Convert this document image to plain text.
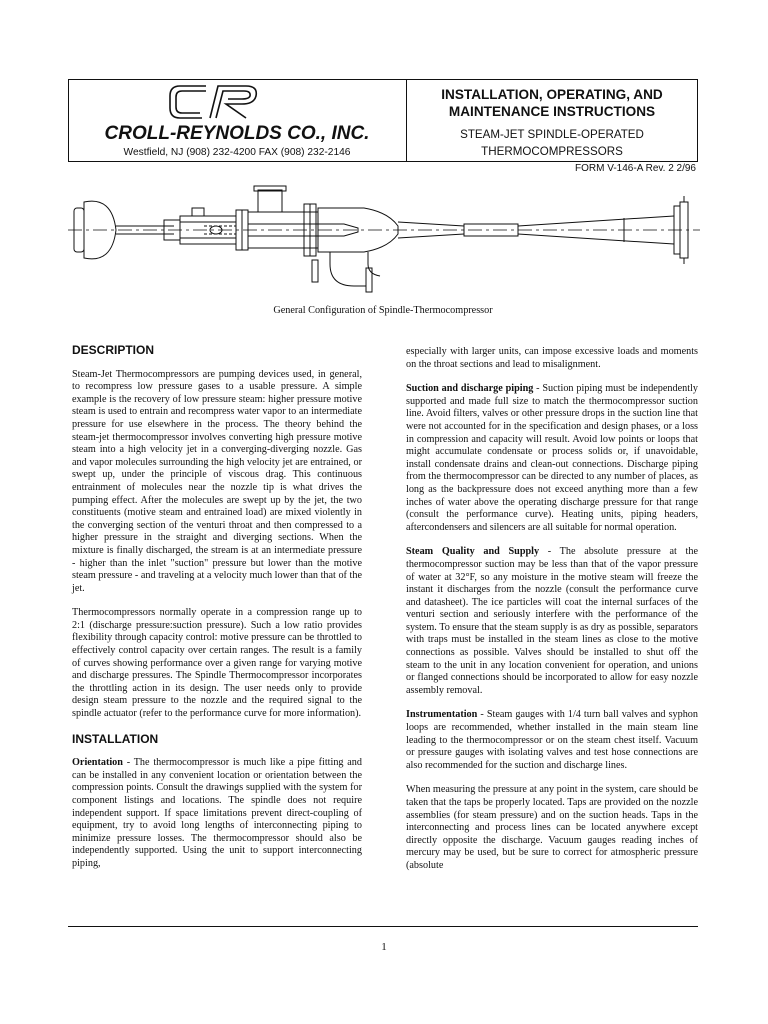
CROLL-REYNOLDS CO., INC.
Westfield, NJ (908) 232-4200 FAX (908) 232-2146
INSTALLATION, OPERATING, AND
MAINTENANCE INSTRUCTIONS
STEAM-JET SPINDLE-OPERATED
THERMOCOMPRESSORS
FORM V-146-A Rev. 2 2/96
General Configuration of Spindle-Thermocompressor
DESCRIPTION

Steam-Jet Thermocompressors are pumping devices used, in general, to recompress low pressure gases to a usable pressure. A simple example is the recovery of low pressure steam: higher pressure motive steam is used to entrain and recompress water vapor to an intermediate pressure for use elsewhere in the process. The theory behind the steam-jet thermocompressor involves converting high pressure motive steam into a high velocity jet in a converging-diverging nozzle. Gas and vapor molecules surrounding the high velocity jet are entrained, or swept up, under the principle of viscous drag. This continuous entrainment of molecules near the nozzle tip is what drives the pumping effect. After the molecules are swept up by the jet, the two constituents (motive steam and entrained load) are mixed violently in the converging section of the venturi throat and then compressed to a higher pressure in the straight and diverging sections. When the mixture is finally discharged, the stream is at an intermediate pressure - higher than the inlet "suction" pressure but lower than the motive steam pressure - and traveling at a velocity much lower than that of the jet.

Thermocompressors normally operate in a compression range up to 2:1 (discharge pressure:suction pressure). Such a low ratio provides flexibility through capacity control: motive pressure can be throttled to effectively control capacity over certain ranges. The result is a family of curves showing performance over a given range for varying motive and discharge pressures. The Spindle Thermocompressor incorporates the throttling action in its design. The user needs only to provide design steam pressure to the nozzle and the required signal to the spindle actuator (refer to the performance curve for more information).

INSTALLATION

Orientation - The thermocompressor is much like a pipe fitting and can be installed in any convenient location or orientation between the compression points. Consult the drawings supplied with the system for component listings and locations. The spindle does not require independent support. If space limitations prevent direct-coupling of equipment, try to avoid long lengths of interconnecting piping to minimize pressure losses. The thermocompressor should also be independently supported. Using the unit to support interconnecting piping,

especially with larger units, can impose excessive loads and moments on the throat sections and lead to misalignment.

Suction and discharge piping - Suction piping must be independently supported and made full size to match the thermocompressor suction line. Avoid filters, valves or other pressure drops in the suction line that were not accounted for in the specification and design phases, or a loss in compression and capacity will result. Avoid low points or loops that might accumulate condensate or process solids or, if unavoidable, install condensate drains and clean-out connections. Discharge piping from the thermocompressor can be directed to any number of places, as long as the backpressure does not exceed anything more than a few inches of water above the operating discharge pressure for that range (consult the performance curve). Heating units, piping headers, aftercondensers and silencers are all suitable for normal operation.

Steam Quality and Supply - The absolute pressure at the thermocompressor suction may be less than that of the vapor pressure of water at 32°F, so any moisture in the motive steam will freeze the instant it discharges from the nozzle (consult the performance curve and datasheet). The ice particles will coat the internal surfaces of the venturi section and seriously interfere with the performance of the system. To ensure that the steam supply is as dry as possible, separators with traps must be installed in the steam lines as close to the motive connections as possible. Valves should be installed to shut off the steam to the unit in any location convenient for operation, and unions or flanged connections should be incorporated to allow for easy nozzle assembly removal.

Instrumentation - Steam gauges with 1/4 turn ball valves and syphon loops are recommended, whether installed in the main steam line leading to the thermocompressor or on the steam chest itself. Vacuum or pressure gauges with isolating valves and test hose connections are also recommended for the suction and discharge lines.

When measuring the pressure at any point in the system, care should be taken that the taps be properly located. Taps are provided on the nozzle assemblies (for steam pressure) and on the suction heads. Taps in the interconnecting and process lines can be located anywhere except directly opposite the discharge. Vacuum gauges reading inches of mercury may be used, but be sure to correct for atmospheric pressure (absolute

1
